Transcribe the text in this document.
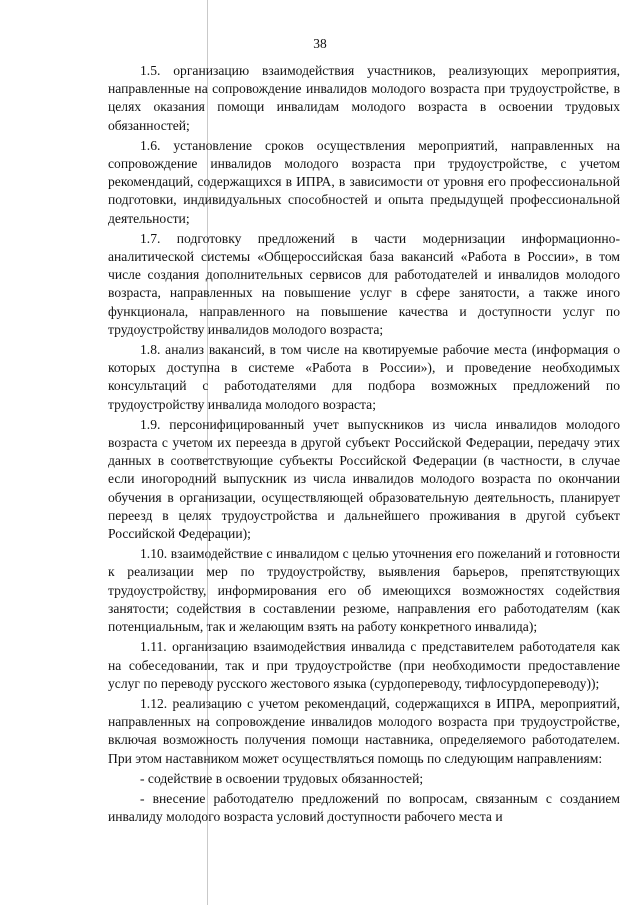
38

1.5. организацию взаимодействия участников, реализующих мероприятия, направленные на сопровождение инвалидов молодого возраста при трудоустройстве, в целях оказания помощи инвалидам молодого возраста в освоении трудовых обязанностей;

1.6. установление сроков осуществления мероприятий, направленных на сопровождение инвалидов молодого возраста при трудоустройстве, с учетом рекомендаций, содержащихся в ИПРА, в зависимости от уровня его профессиональной подготовки, индивидуальных способностей и опыта предыдущей профессиональной деятельности;

1.7. подготовку предложений в части модернизации информационно-аналитической системы «Общероссийская база вакансий «Работа в России», в том числе создания дополнительных сервисов для работодателей и инвалидов молодого возраста, направленных на повышение услуг в сфере занятости, а также иного функционала, направленного на повышение качества и доступности услуг по трудоустройству инвалидов молодого возраста;

1.8. анализ вакансий, в том числе на квотируемые рабочие места (информация о которых доступна в системе «Работа в России»), и проведение необходимых консультаций с работодателями для подбора возможных предложений по трудоустройству инвалида молодого возраста;

1.9. персонифицированный учет выпускников из числа инвалидов молодого возраста с учетом их переезда в другой субъект Российской Федерации, передачу этих данных в соответствующие субъекты Российской Федерации (в частности, в случае если иногородний выпускник из числа инвалидов молодого возраста по окончании обучения в организации, осуществляющей образовательную деятельность, планирует переезд в целях трудоустройства и дальнейшего проживания в другой субъект Российской Федерации);

1.10. взаимодействие с инвалидом с целью уточнения его пожеланий и готовности к реализации мер по трудоустройству, выявления барьеров, препятствующих трудоустройству, информирования его об имеющихся возможностях содействия занятости; содействия в составлении резюме, направления его работодателям (как потенциальным, так и желающим взять на работу конкретного инвалида);

1.11. организацию взаимодействия инвалида с представителем работодателя как на собеседовании, так и при трудоустройстве (при необходимости предоставление услуг по переводу русского жестового языка (сурдопереводу, тифлосурдопереводу));

1.12. реализацию с учетом рекомендаций, содержащихся в ИПРА, мероприятий, направленных на сопровождение инвалидов молодого возраста при трудоустройстве, включая возможность получения помощи наставника, определяемого работодателем. При этом наставником может осуществляться помощь по следующим направлениям:

- содействие в освоении трудовых обязанностей;

- внесение работодателю предложений по вопросам, связанным с созданием инвалиду молодого возраста условий доступности рабочего места и
